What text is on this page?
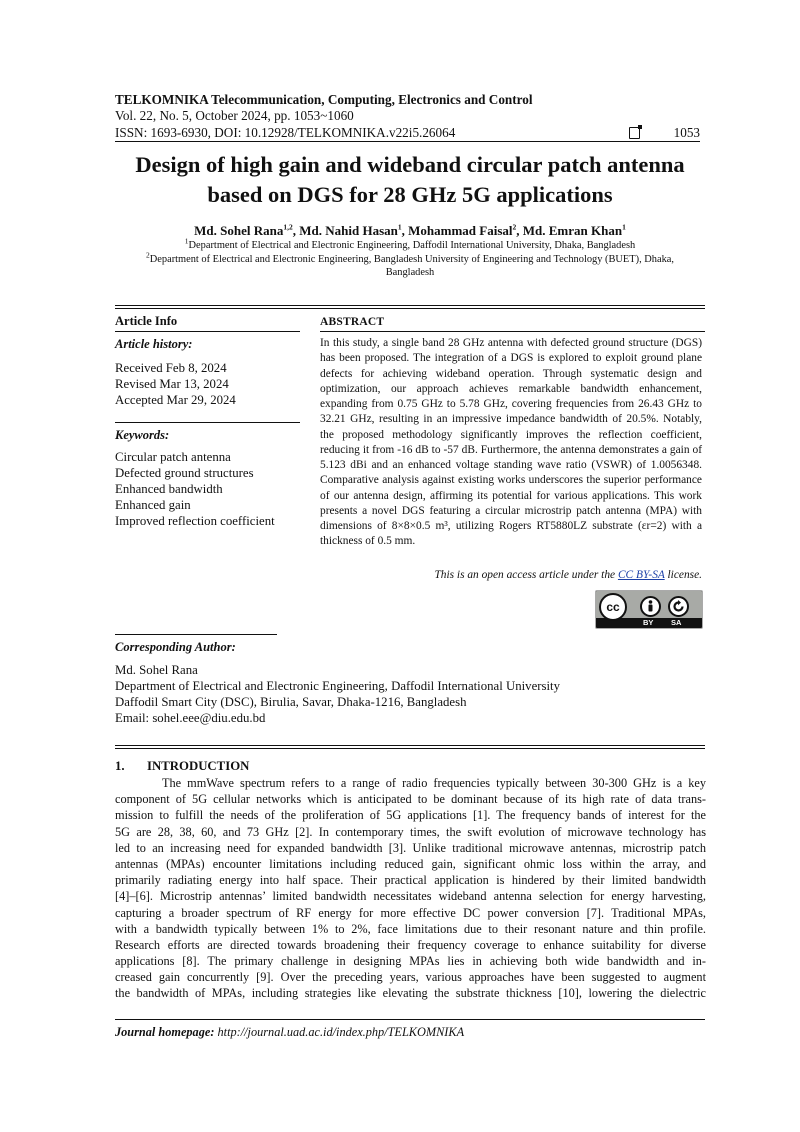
TELKOMNIKA Telecommunication, Computing, Electronics and Control
Vol. 22, No. 5, October 2024, pp. 1053~1060
ISSN: 1693-6930, DOI: 10.12928/TELKOMNIKA.v22i5.26064	1053
Design of high gain and wideband circular patch antenna
based on DGS for 28 GHz 5G applications
Md. Sohel Rana$^{1,2}$, Md. Nahid Hasan$^1$, Mohammad Faisal$^2$, Md. Emran Khan$^1$
$^1$Department of Electrical and Electronic Engineering, Daffodil International University, Dhaka, Bangladesh
$^2$Department of Electrical and Electronic Engineering, Bangladesh University of Engineering and Technology (BUET), Dhaka, Bangladesh
Article Info
Article history:
Received Feb 8, 2024
Revised Mar 13, 2024
Accepted Mar 29, 2024
Keywords:
Circular patch antenna
Defected ground structures
Enhanced bandwidth
Enhanced gain
Improved reflection coefficient
ABSTRACT
In this study, a single band 28 GHz antenna with defected ground structure (DGS) has been proposed. The integration of a DGS is explored to exploit ground plane defects for achieving wideband operation. Through systematic design and optimization, our approach achieves remarkable bandwidth enhancement, expanding from 0.75 GHz to 5.78 GHz, covering frequencies from 26.43 GHz to 32.21 GHz, resulting in an impressive impedance bandwidth of 20.5%. Notably, the proposed methodology significantly improves the reflection coefficient, reducing it from -16 dB to -57 dB. Furthermore, the antenna demonstrates a gain of 5.123 dBi and an enhanced voltage standing wave ratio (VSWR) of 1.0056348. Comparative analysis against existing works underscores the superior performance of our antenna design, affirming its potential for various applications. This work presents a novel DGS featuring a circular microstrip patch antenna (MPA) with dimensions of 8×8×0.5 m³, utilizing Rogers RT5880LZ substrate (εr=2) with a thickness of 0.5 mm.
This is an open access article under the CC BY-SA license.
cc
BY SA
Corresponding Author:
Md. Sohel Rana
Department of Electrical and Electronic Engineering, Daffodil International University
Daffodil Smart City (DSC), Birulia, Savar, Dhaka-1216, Bangladesh
Email: sohel.eee@diu.edu.bd
1. INTRODUCTION
The mmWave spectrum refers to a range of radio frequencies typically between 30-300 GHz is a key
component of 5G cellular networks which is anticipated to be dominant because of its high rate of data trans-
mission to fulfill the needs of the proliferation of 5G applications [1]. The frequency bands of interest for the
5G are 28, 38, 60, and 73 GHz [2]. In contemporary times, the swift evolution of microwave technology has
led to an increasing need for expanded bandwidth [3]. Unlike traditional microwave antennas, microstrip patch
antennas (MPAs) encounter limitations including reduced gain, significant ohmic loss within the array, and
primarily radiating energy into half space. Their practical application is hindered by their limited bandwidth
[4]–[6]. Microstrip antennas’ limited bandwidth necessitates wideband antenna selection for energy harvesting,
capturing a broader spectrum of RF energy for more effective DC power conversion [7]. Traditional MPAs,
with a bandwidth typically between 1% to 2%, face limitations due to their resonant nature and thin profile.
Research efforts are directed towards broadening their frequency coverage to enhance suitability for diverse
applications [8]. The primary challenge in designing MPAs lies in achieving both wide bandwidth and in-
creased gain concurrently [9]. Over the preceding years, various approaches have been suggested to augment
the bandwidth of MPAs, including strategies like elevating the substrate thickness [10], lowering the dielectric
Journal homepage: http://journal.uad.ac.id/index.php/TELKOMNIKA
